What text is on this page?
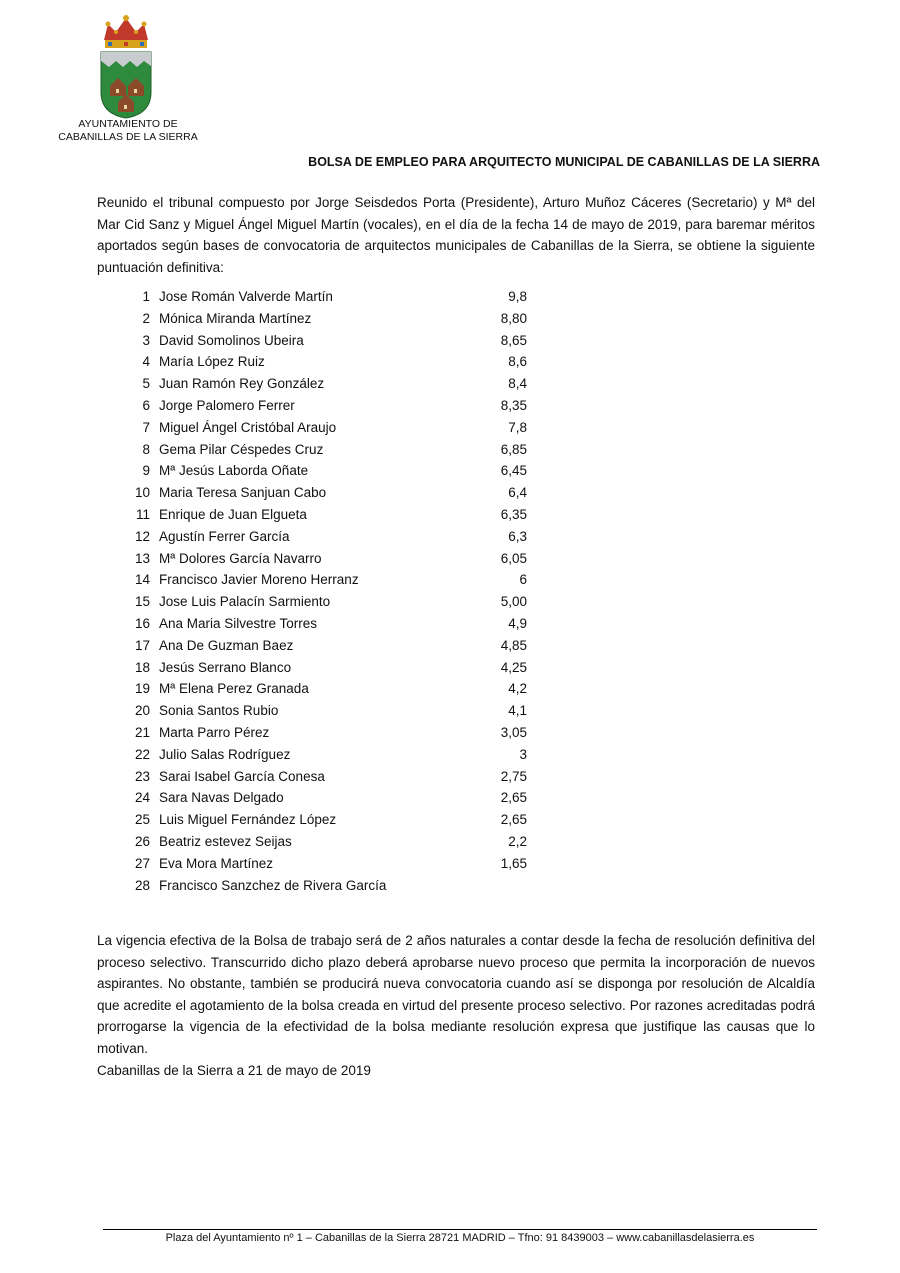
AYUNTAMIENTO DE
CABANILLAS DE LA SIERRA
BOLSA DE EMPLEO PARA ARQUITECTO MUNICIPAL DE CABANILLAS DE LA SIERRA
Reunido el tribunal compuesto por Jorge Seisdedos Porta (Presidente), Arturo Muñoz Cáceres (Secretario) y Mª del Mar Cid Sanz y Miguel Ángel Miguel Martín (vocales), en el día de la fecha 14 de mayo de 2019, para baremar méritos aportados según bases de convocatoria de arquitectos municipales de Cabanillas de la Sierra, se obtiene la siguiente puntuación definitiva:
1 Jose Román Valverde Martín	9,8
2 Mónica Miranda Martínez	8,80
3 David Somolinos Ubeira	8,65
4 María López Ruiz	8,6
5 Juan Ramón Rey González	8,4
6 Jorge Palomero Ferrer	8,35
7 Miguel Ángel Cristóbal Araujo	7,8
8 Gema Pilar Céspedes Cruz	6,85
9 Mª Jesús Laborda Oñate	6,45
10 Maria Teresa Sanjuan Cabo	6,4
11 Enrique de Juan Elgueta	6,35
12 Agustín Ferrer García	6,3
13 Mª Dolores García Navarro	6,05
14 Francisco Javier Moreno Herranz	6
15 Jose Luis Palacín Sarmiento	5,00
16 Ana Maria Silvestre Torres	4,9
17 Ana De Guzman Baez	4,85
18 Jesús Serrano Blanco	4,25
19 Mª Elena Perez Granada	4,2
20 Sonia Santos Rubio	4,1
21 Marta Parro Pérez	3,05
22 Julio Salas Rodríguez	3
23 Sarai Isabel García Conesa	2,75
24 Sara Navas Delgado	2,65
25 Luis Miguel Fernández López	2,65
26 Beatriz estevez Seijas	2,2
27 Eva Mora Martínez	1,65
28 Francisco Sanzchez de Rivera García
La vigencia efectiva de la Bolsa de trabajo será de 2 años naturales a contar desde la fecha de resolución definitiva del proceso selectivo. Transcurrido dicho plazo deberá aprobarse nuevo proceso que permita la incorporación de nuevos aspirantes. No obstante, también se producirá nueva convocatoria cuando así se disponga por resolución de Alcaldía que acredite el agotamiento de la bolsa creada en virtud del presente proceso selectivo. Por razones acreditadas podrá prorrogarse la vigencia de la efectividad de la bolsa mediante resolución expresa que justifique las causas que lo motivan.
Cabanillas de la Sierra a 21 de mayo de 2019
Plaza del Ayuntamiento nº 1 – Cabanillas de la Sierra 28721 MADRID – Tfno: 91 8439003 – www.cabanillasdelasierra.es
